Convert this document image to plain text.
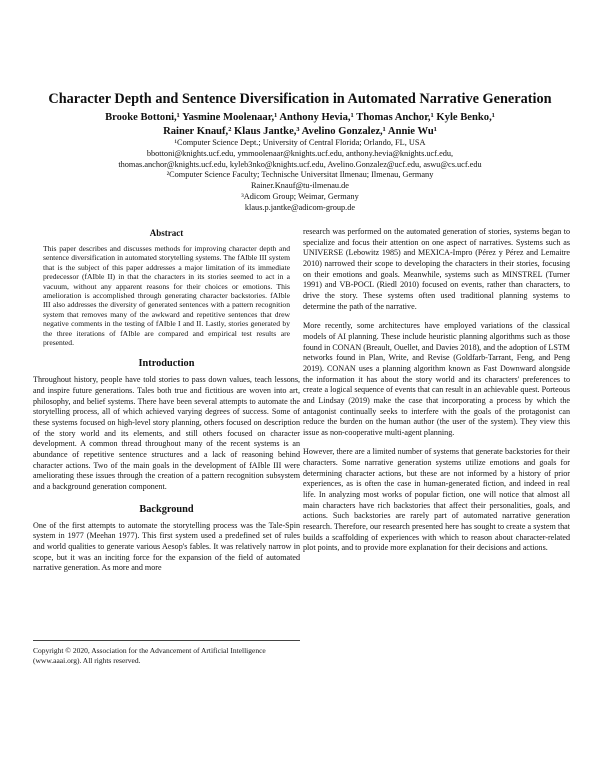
Character Depth and Sentence Diversification in Automated Narrative Generation
Brooke Bottoni,¹ Yasmine Moolenaar,¹ Anthony Hevia,¹ Thomas Anchor,¹ Kyle Benko,¹
Rainer Knauf,² Klaus Jantke,³ Avelino Gonzalez,¹ Annie Wu¹
¹Computer Science Dept.; University of Central Florida; Orlando, FL, USA
bbottoni@knights.ucf.edu, ymmoolenaar@knights.ucf.edu, anthony.hevia@knights.ucf.edu,
thomas.anchor@knights.ucf.edu, kyleb3nko@knights.ucf.edu, Avelino.Gonzalez@ucf.edu, aswu@cs.ucf.edu
²Computer Science Faculty; Technische Universitat Ilmenau; Ilmenau, Germany
Rainer.Knauf@tu-ilmenau.de
³Adicom Group; Weimar, Germany
klaus.p.jantke@adicom-group.de
Abstract

This paper describes and discusses methods for improving character depth and sentence diversification in automated storytelling systems. The fAIble III system that is the subject of this paper addresses a major limitation of its immediate predecessor (fAIble II) in that the characters in its stories seemed to act in a vacuum, without any apparent reasons for their choices or emotions. This amelioration is accomplished through generating character backstories. fAIble III also addresses the diversity of generated sentences with a pattern recognition system that removes many of the awkward and repetitive sentences that drew negative comments in the testing of fAIble I and II. Lastly, stories generated by the three iterations of fAIble are compared and empirical test results are presented.

Introduction

Throughout history, people have told stories to pass down values, teach lessons, and inspire future generations. Tales both true and fictitious are woven into art, philosophy, and belief systems. There have been several attempts to automate the storytelling process, all of which achieved varying degrees of success. Some of these systems focused on high-level story planning, others focused on description of the story world and its elements, and still others focused on character development. A common thread throughout many of the recent systems is an abundance of repetitive sentence structures and a lack of reasoning behind character actions. Two of the main goals in the development of fAIble III were ameliorating these issues through the creation of a pattern recognition subsystem and a background generation component.

Background

One of the first attempts to automate the storytelling process was the Tale-Spin system in 1977 (Meehan 1977). This first system used a predefined set of rules and world qualities to generate various Aesop's fables. It was relatively narrow in scope, but it was an inciting force for the expansion of the field of automated narrative generation. As more and more

Copyright © 2020, Association for the Advancement of Artificial Intelligence (www.aaai.org). All rights reserved.

research was performed on the automated generation of stories, systems began to specialize and focus their attention on one aspect of narratives. Systems such as UNIVERSE (Lebowitz 1985) and MEXICA-Impro (Pérez y Pérez and Lemaitre 2010) narrowed their scope to developing the characters in their stories, focusing on their emotions and goals. Meanwhile, systems such as MINSTREL (Turner 1991) and VB-POCL (Riedl 2010) focused on events, rather than characters, to drive the story. These systems often used traditional planning systems to determine the path of the narrative.

More recently, some architectures have employed variations of the classical models of AI planning. These include heuristic planning algorithms such as those found in CONAN (Breault, Ouellet, and Davies 2018), and the adoption of LSTM networks found in Plan, Write, and Revise (Goldfarb-Tarrant, Feng, and Peng 2019). CONAN uses a planning algorithm known as Fast Downward alongside the information it has about the story world and its characters' preferences to create a logical sequence of events that can result in an achievable quest. Porteous and Lindsay (2019) make the case that incorporating a process by which the antagonist continually seeks to interfere with the goals of the protagonist can reduce the burden on the human author (the user of the system). They view this issue as non-cooperative multi-agent planning.

However, there are a limited number of systems that generate backstories for their characters. Some narrative generation systems utilize emotions and goals for determining character actions, but these are not informed by a history of prior experiences, as is often the case in human-generated fiction, and indeed in real life. In analyzing most works of popular fiction, one will notice that almost all main characters have rich backstories that affect their personalities, goals, and actions. Such backstories are rarely part of automated narrative generation research. Therefore, our research presented here has sought to create a system that builds a scaffolding of experiences with which to reason about character-related plot points, and to provide more explanation for their decisions and actions.
